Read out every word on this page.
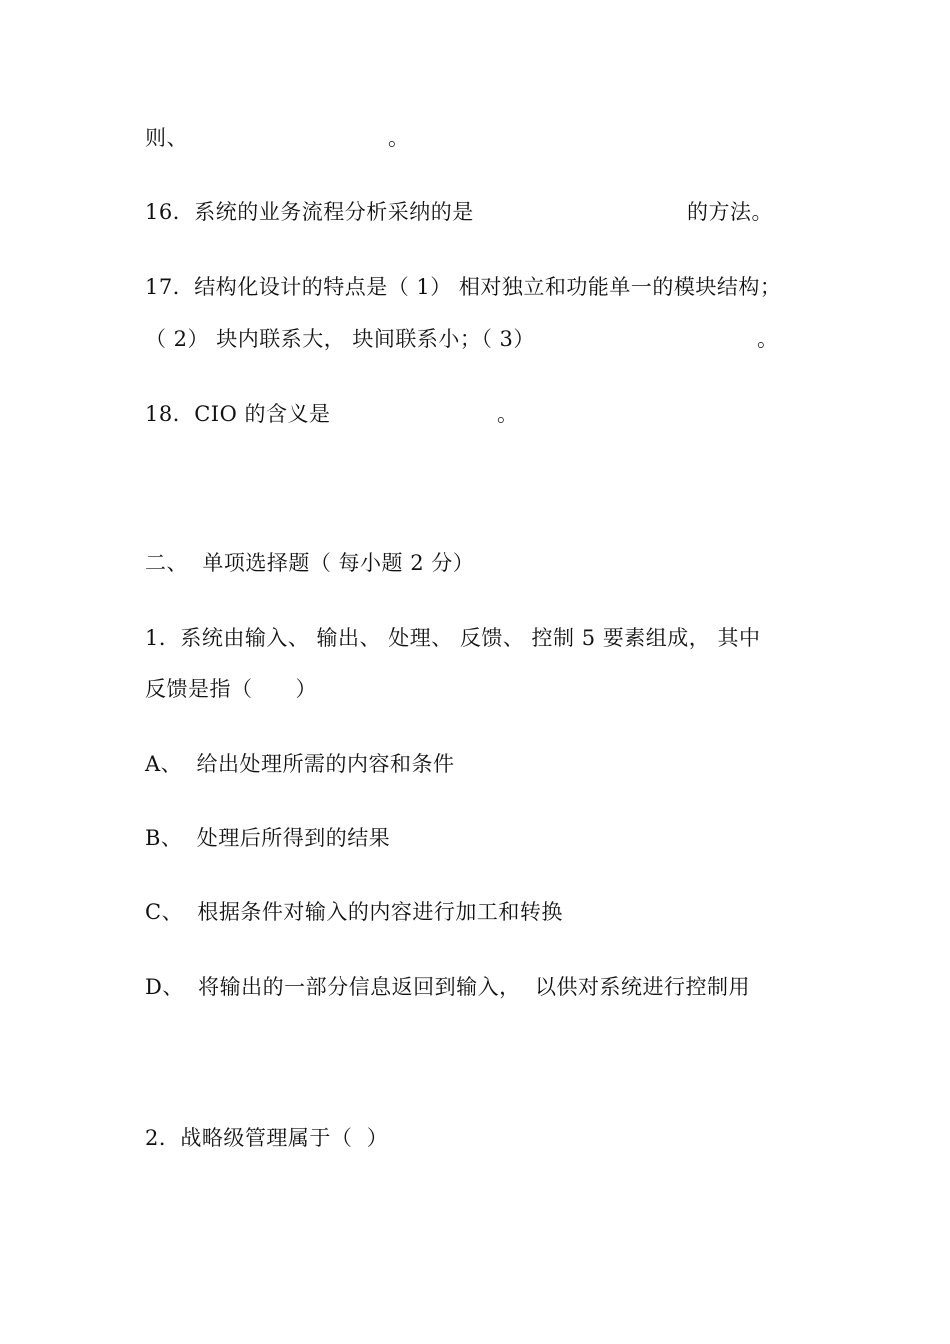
则、

	。

16．系统的业务流程分析采纳的是

	的方法。

17．结构化设计的特点是（ 1） 相对独立和功能单一的模块结构；

（ 2） 块内联系大， 块间联系小；（ 3）

	。

18．CIO 的含义是

	。

二、  单项选择题（ 每小题 2 分）
1．系统由输入、 输出、 处理、 反馈、 控制 5 要素组成， 其中
反馈是指（      ）
A、  给出处理所需的内容和条件
B、  处理后所得到的结果
C、  根据条件对输入的内容进行加工和转换
D、  将输出的一部分信息返回到输入，  以供对系统进行控制用
2．战略级管理属于（  ）
